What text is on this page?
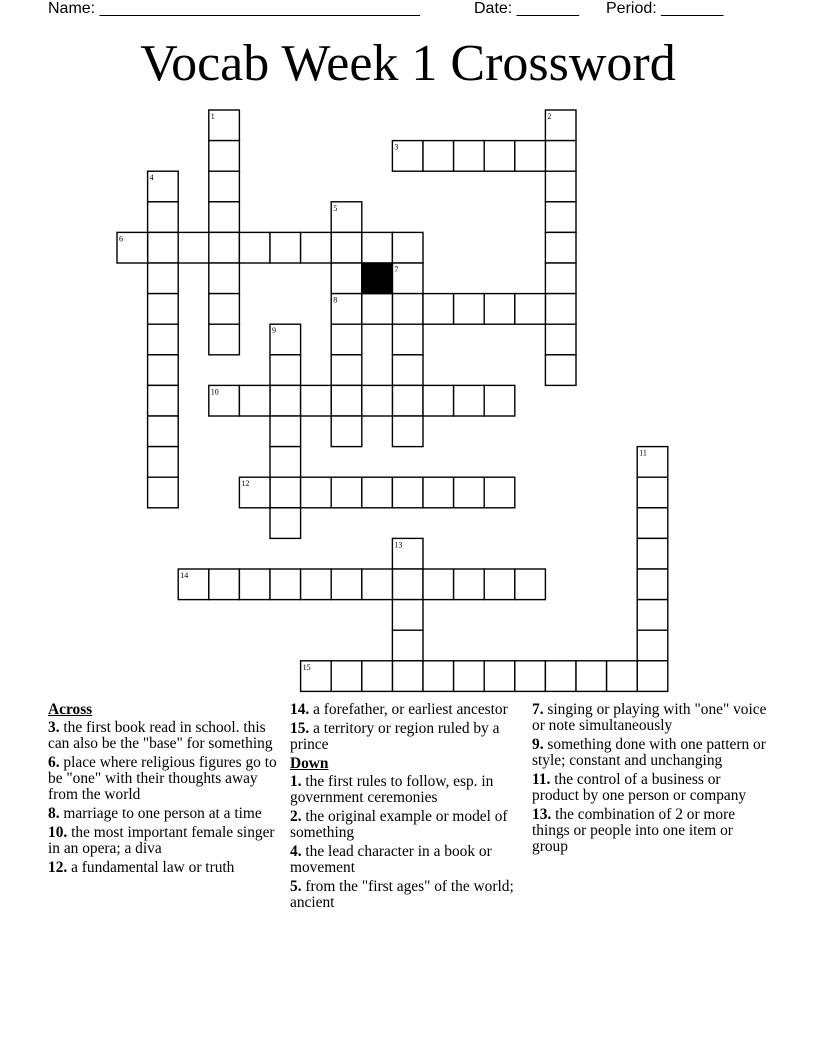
Name: ____________________________________

	Date: _______

Period: _______

Vocab Week 1 Crossword
1	2
3
4
5
6
7
8
9
10
11
12
13
14
15
Across
3. the first book read in school. this can also be the "base" for something
6. place where religious figures go to be "one" with their thoughts away from the world
8. marriage to one person at a time
10. the most important female singer in an opera; a diva
12. a fundamental law or truth
14. a forefather, or earliest ancestor
15. a territory or region ruled by a prince
Down
1. the first rules to follow, esp. in government ceremonies
2. the original example or model of something
4. the lead character in a book or movement
5. from the "first ages" of the world; ancient
7. singing or playing with "one" voice or note simultaneously
9. something done with one pattern or style; constant and unchanging
11. the control of a business or product by one person or company
13. the combination of 2 or more things or people into one item or group
